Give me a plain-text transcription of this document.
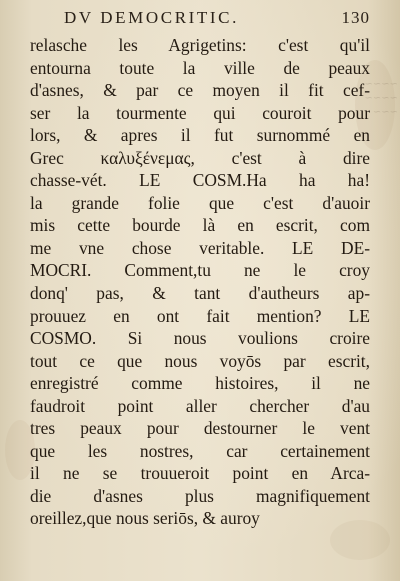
~~~~
~~~~
~~~
DV DEMOCRITIC.	130
relasche les Agrigetins: c'est qu'il
entourna toute la ville de peaux
d'asnes, & par ce moyen il fit cef-
ser la tourmente qui couroit pour
lors, & apres il fut surnommé en
Grec καλυξένεμας, c'est à dire
chasse-vét. LE COSM.Ha ha ha!
la grande folie que c'est d'auoir
mis cette bourde là en escrit, com
me vne chose veritable. LE DE-
MOCRI. Comment,tu ne le croy
donq' pas, & tant d'autheurs ap-
prouuez en ont fait mention? LE
COSMO. Si nous voulions croire
tout ce que nous voyōs par escrit,
enregistré comme histoires, il ne
faudroit point aller chercher d'au
tres peaux pour destourner le vent
que les nostres, car certainement
il ne se trouueroit point en Arca-
die d'asnes plus magnifiquement
oreillez,que nous seriōs, & auroy
